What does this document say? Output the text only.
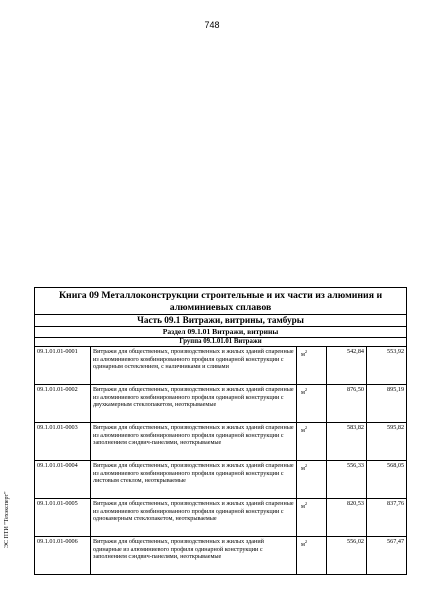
748
ЭС ПТИ "Техэксперт"
Книга 09 Металлоконструкции строительные и их части из алюминия и алюминиевых сплавов				
Часть 09.1 Витражи, витрины, тамбуры				
Раздел 09.1.01 Витражи, витрины				
Группа 09.1.01.01 Витражи				
09.1.01.01-0001	Витражи для общественных, производственных и жилых зданий спаренные из алюминиевого комбинированного профиля одинарной конструкции с одинарным остеклением, с наличниками и сливами	$м^2$	542,84	553,92
09.1.01.01-0002	Витражи для общественных, производственных и жилых зданий спаренные из алюминиевого комбинированного профиля одинарной конструкции с двухкамерным стеклопакетом, неоткрываемые	$м^2$	876,50	895,19
09.1.01.01-0003	Витражи для общественных, производственных и жилых зданий спаренные из алюминиевого комбинированного профиля одинарной конструкции с заполнением сэндвич-панелями, неоткрываемые	$м^2$	583,82	595,82
09.1.01.01-0004	Витражи для общественных, производственных и жилых зданий спаренные из алюминиевого комбинированного профиля одинарной конструкции с листовым стеклом, неоткрываемые	$м^2$	556,33	568,05
09.1.01.01-0005	Витражи для общественных, производственных и жилых зданий спаренные из алюминиевого комбинированного профиля одинарной конструкции с однокамерным стеклопакетом, неоткрываемые	$м^2$	820,53	837,76
09.1.01.01-0006	Витражи для общественных, производственных и жилых зданий одинарные из алюминиевого профиля одинарной конструкции с заполнением сэндвич-панелями, неоткрываемые	$м^2$	556,02	567,47
